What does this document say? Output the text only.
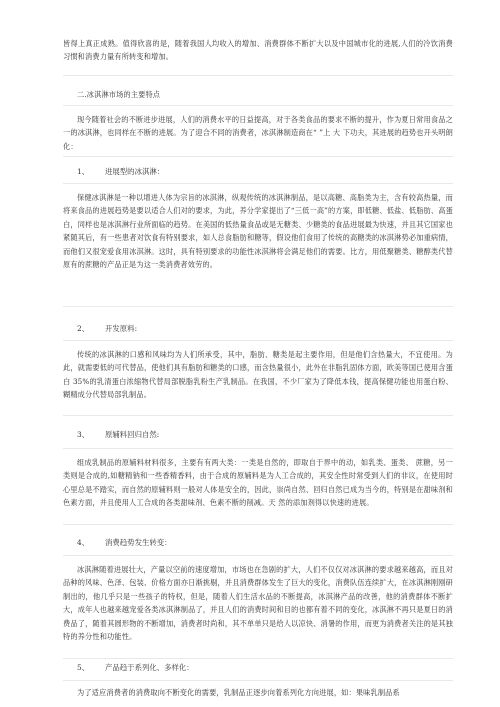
皆得上真正成熟。值得欣喜的是，随着我国人均收入的增加、消费群体不断扩大以及中国城市化的进展,人们的冷饮消费习惯和消费力量有所转变和增加。

二.冰淇淋市场的主要特点

现今随着社会的不断进步进展，人们的消费水平的日益提高，对于各类食品的要求不断的提升，作为夏日常用食品之一的冰淇淋，也同样在不断的进展。为了迎合不同的消费者，冰淇淋制造商在“ ”上 大 下功夫，其进展的趋势也开头明朗化：

1、 进展型的冰淇淋：

保健冰淇淋是一种以增进人体为宗旨的冰淇淋，纵观传统的冰淇淋制品，是以高糖、高脂类为主，含有较高热量，而将来食品的进展趋势是要以适合人们对的要求，为此，养分学家提出了“三低一高”的方案，即低糖、低盐、低脂肪、高蛋白，同样也是冰淇淋行业所面临的趋势。在美国的低热量食品或是无糖类、少糖类的食品进展最为快速，并且其它国家也紧随其后，有一些患者对饮食有特别要求，如人总食脂肪和糖等，假设他们食用了传统的高糖类的冰淇淋势必加重病情，而他们又很宠爱食用冰淇淋。这时，具有特别要求的功能性冰淇淋将会满足他们的需要。比方，用低聚糖类、糖醇类代替原有的蔗糖的产品正是为这一类消费者效劳的。

2、 开发原料:

传统的冰淇淋的口感和风味均为人们所承受，其中，脂肪、糖类是起主要作用，但是他们含热量大，不宜使用。为此，就需要低的可代替品，使他们具有脂肪和糖类的口感，而含热量很小，此外在非脂乳固体方面，欧美等国已使用含蛋白 35%的乳清蛋白浓缩物代替局部脱脂乳粉生产乳制品。在我国，不少厂家为了降低本钱，提高保健功能也用蛋白粉、糊精成分代替局部乳制品。

3、 原辅料回归自然:

组成乳制品的原辅料材料很多，主要有有两大类：一类是自然的，即取自于界中的动，如乳类、蛋类、 蔗糖，另一类则是合成的,如糖精钠和一些香精香料，由于合成的原辅料是为人工合成的，其安全性时常受到人们的非议，在使用时心里总是不踏实，而自然的原辅料则一般对人体是安全的，因此，崇尚自然、回归自然已成为当今的，特别是在甜味剂和色素方面，并且使用人工合成的各类甜味剂、色素不断的削减。天 然的添加剂得以快速的进展。

4、 消费趋势发生转变：

冰淇淋随着进展壮大，产量以空前的速度增加，市场也在急剧的扩大，人们不仅仅对冰淇淋的要求越来越高，而且对品种的风味、色泽、包装、价格方面亦日渐挑剔，并且消费群体发生了巨大的变化，消费队伍连续扩大，在冰淇淋刚刚研制出的，他几乎只是一些孩子的特权，但是，随着人们生活水品的不断提高，冰淇淋产品的改善，他的消费群体不断扩大，成年人也越来越宠爱各类冰淇淋制品了，并且人们的消费时间和目的也都有着不同的变化，冰淇淋不再只是夏日的消费品了，随着其圆形物的不断增加，消费者时尚和，其不单单只是给人以凉快、消暑的作用，而更为消费者关注的是其独特的养分性和功能性。

5、 产品趋于系列化、多样化：

为了适应消费者的消费取向不断变化的需要，乳制品正逐步向着系列化方向进展，如：果味乳制品系
